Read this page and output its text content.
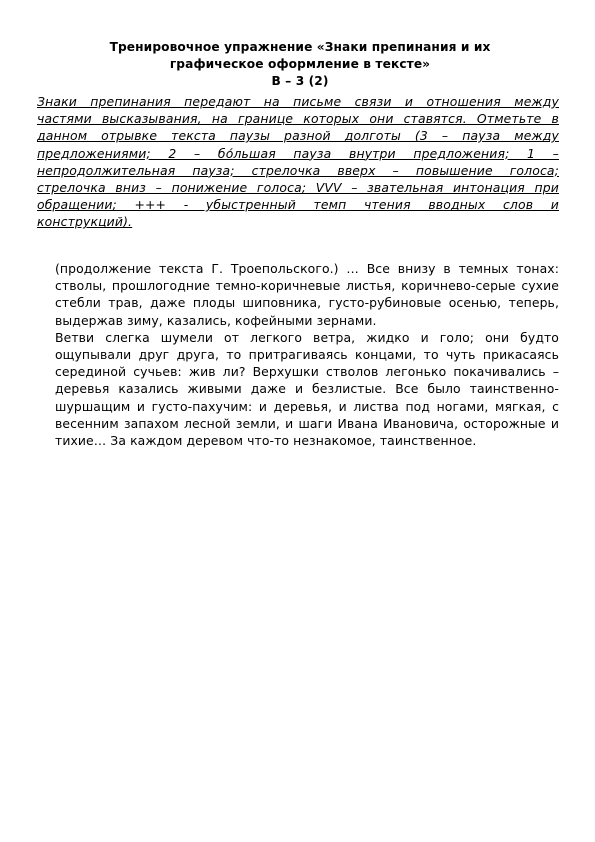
Тренировочное упражнение «Знаки препинания и их
графическое оформление в тексте»
В – 3 (2)

Знаки препинания передают на письме связи и отношения между частями высказывания, на границе которых они ставятся. Отметьте в данном отрывке текста паузы разной долготы (3 – пауза между предложениями; 2 – бо́льшая пауза внутри предложения; 1 – непродолжительная пауза; стрелочка вверх – повышение голоса; стрелочка вниз – понижение голоса; VVV – звательная интонация при обращении; +++ - убыстренный темп чтения вводных слов и конструкций).

(продолжение текста Г. Троепольского.) … Все внизу в темных тонах: стволы, прошлогодние темно-коричневые листья, коричнево-серые сухие стебли трав, даже плоды шиповника, густо-рубиновые осенью, теперь, выдержав зиму, казались, кофейными зернами.

Ветви слегка шумели от легкого ветра, жидко и голо; они будто ощупывали друг друга, то притрагиваясь концами, то чуть прикасаясь серединой сучьев: жив ли? Верхушки стволов легонько покачивались – деревья казались живыми даже и безлистые. Все было таинственно-шуршащим и густо-пахучим: и деревья, и листва под ногами, мягкая, с весенним запахом лесной земли, и шаги Ивана Ивановича, осторожные и тихие… За каждом деревом что-то незнакомое, таинственное.
